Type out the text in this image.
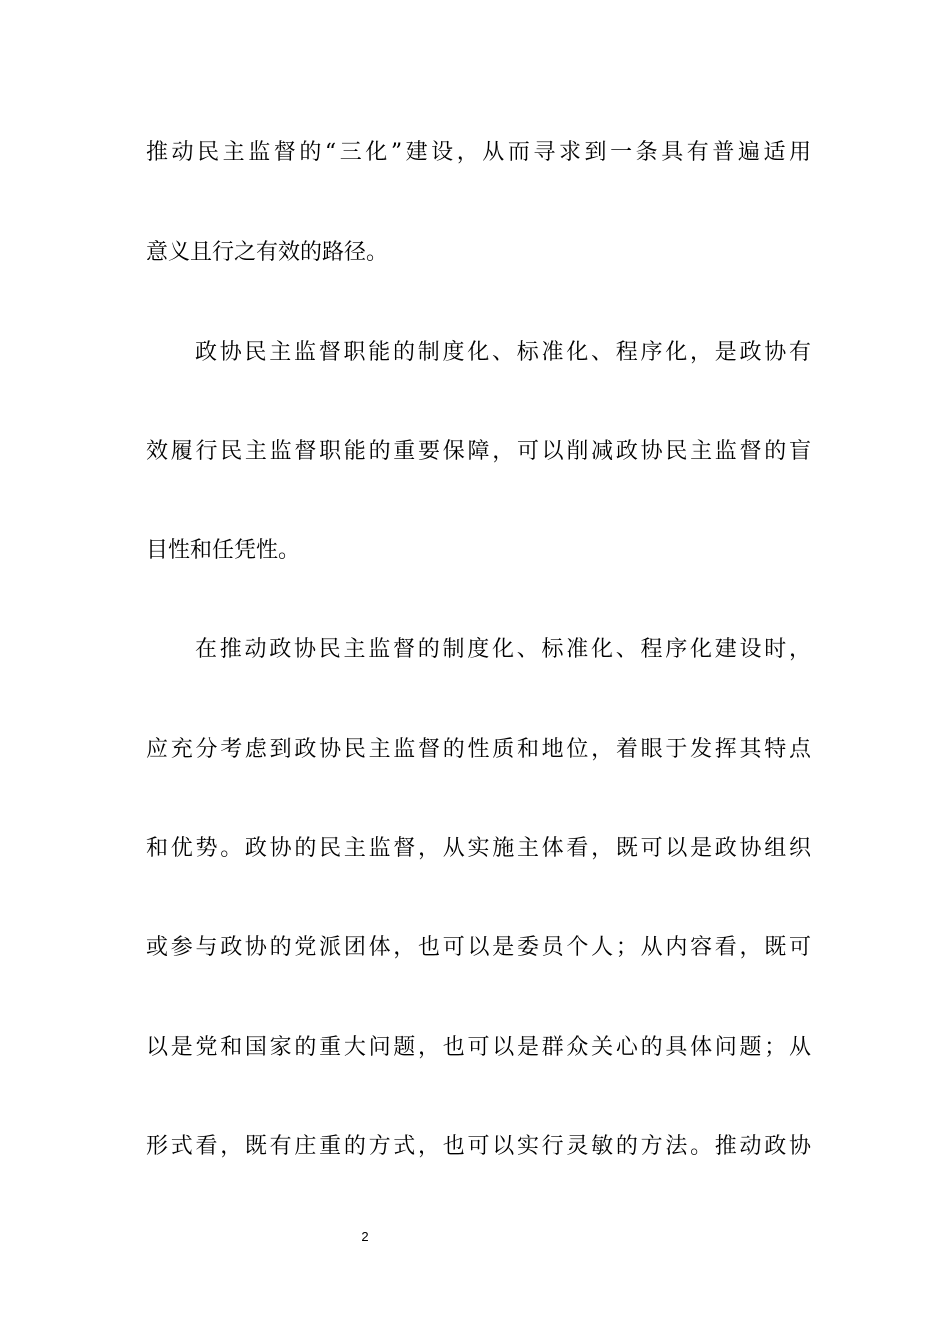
推动民主监督的“三化”建设，从而寻求到一条具有普遍适用
意义且行之有效的路径。
政协民主监督职能的制度化、标准化、程序化，是政协有
效履行民主监督职能的重要保障，可以削减政协民主监督的盲
目性和任凭性。
在推动政协民主监督的制度化、标准化、程序化建设时，
应充分考虑到政协民主监督的性质和地位，着眼于发挥其特点
和优势。政协的民主监督，从实施主体看，既可以是政协组织
或参与政协的党派团体，也可以是委员个人；从内容看，既可
以是党和国家的重大问题，也可以是群众关心的具体问题；从
形式看，既有庄重的方式，也可以实行灵敏的方法。推动政协
2
